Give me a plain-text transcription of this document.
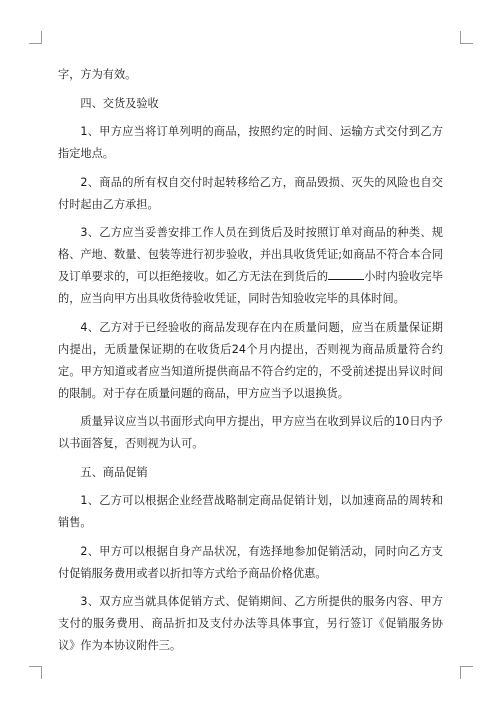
字，方为有效。

四、交货及验收

1、甲方应当将订单列明的商品，按照约定的时间、运输方式交付到乙方指定地点。

2、商品的所有权自交付时起转移给乙方，商品毁损、灭失的风险也自交付时起由乙方承担。

3、乙方应当妥善安排工作人员在到货后及时按照订单对商品的种类、规格、产地、数量、包装等进行初步验收，并出具收货凭证;如商品不符合本合同及订单要求的，可以拒绝接收。如乙方无法在到货后的	小时内验收完毕的，应当向甲方出具收货待验收凭证，同时告知验收完毕的具体时间。

4、乙方对于已经验收的商品发现存在内在质量问题，应当在质量保证期内提出，无质量保证期的在收货后24个月内提出，否则视为商品质量符合约定。甲方知道或者应当知道所提供商品不符合约定的，不受前述提出异议时间的限制。对于存在质量问题的商品，甲方应当予以退换货。

质量异议应当以书面形式向甲方提出，甲方应当在收到异议后的10日内予以书面答复，否则视为认可。

五、商品促销

1、乙方可以根据企业经营战略制定商品促销计划，以加速商品的周转和销售。

2、甲方可以根据自身产品状况，有选择地参加促销活动，同时向乙方支付促销服务费用或者以折扣等方式给予商品价格优惠。

3、双方应当就具体促销方式、促销期间、乙方所提供的服务内容、甲方支付的服务费用、商品折扣及支付办法等具体事宜，另行签订《促销服务协议》作为本协议附件三。
